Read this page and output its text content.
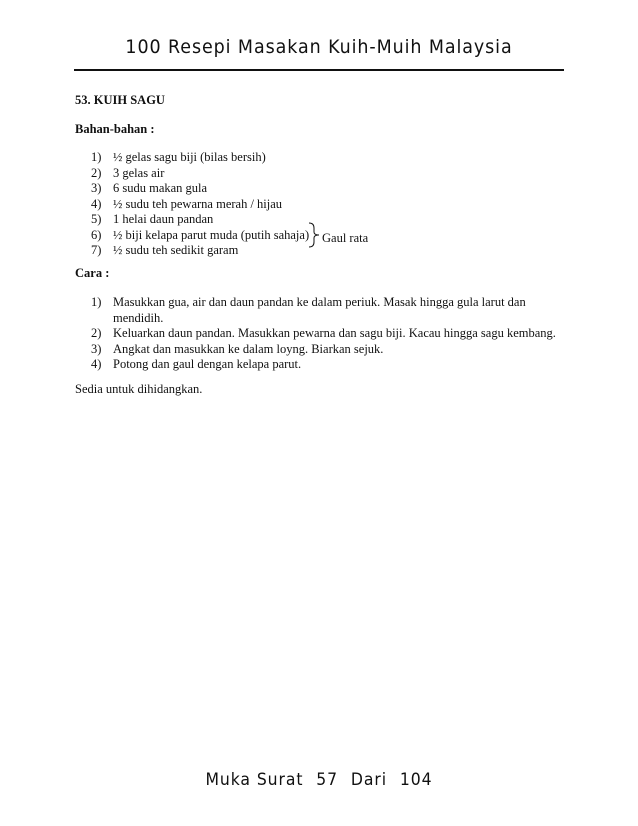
100 Resepi Masakan Kuih-Muih Malaysia
53. KUIH SAGU
Bahan-bahan :
1) ½ gelas sagu biji (bilas bersih)
2) 3 gelas air
3) 6 sudu makan gula
4) ½ sudu teh pewarna merah / hijau
5) 1 helai daun pandan
6) ½ biji kelapa parut muda (putih sahaja)
7) ½ sudu teh sedikit garam
Gaul rata
Cara :
1) Masukkan gua, air dan daun pandan ke dalam periuk. Masak hingga gula larut dan mendidih.
2) Keluarkan daun pandan. Masukkan pewarna dan sagu biji. Kacau hingga sagu kembang.
3) Angkat dan masukkan ke dalam loyng. Biarkan sejuk.
4) Potong dan gaul dengan kelapa parut.
Sedia untuk dihidangkan.
Muka Surat 57 Dari 104
